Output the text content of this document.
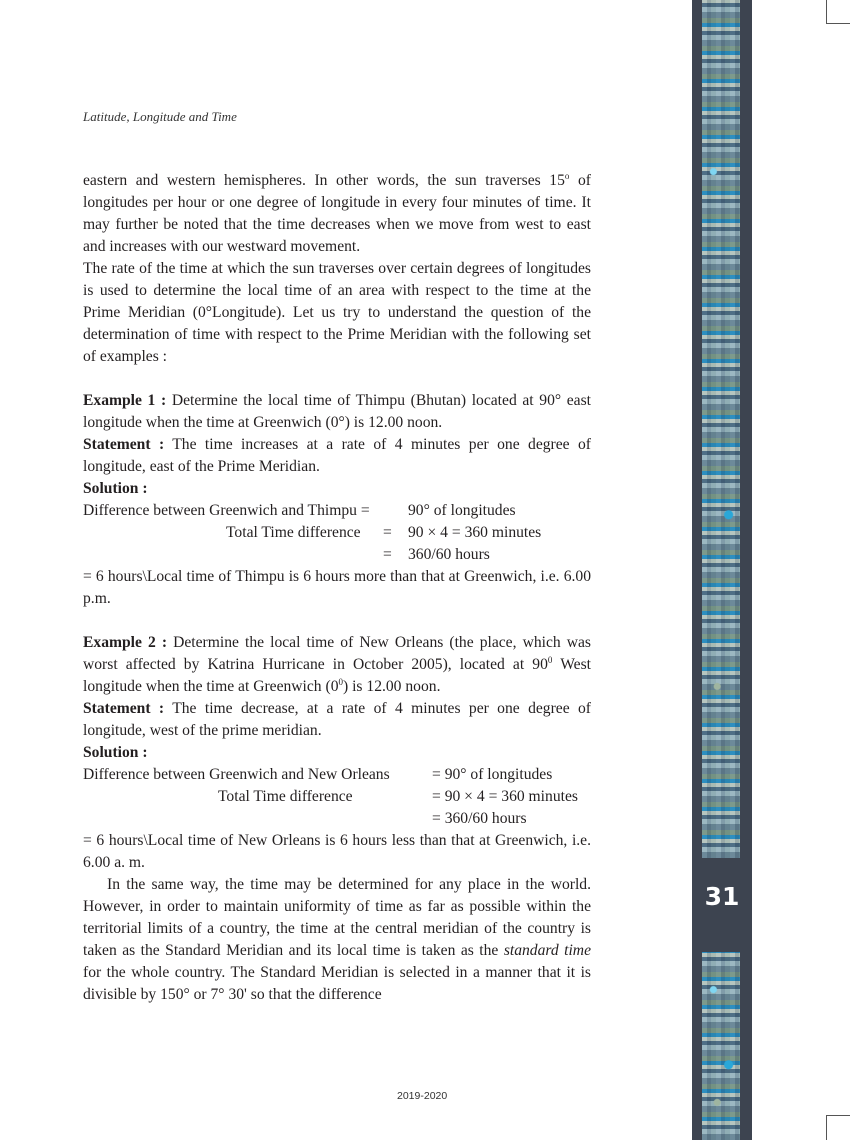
Latitude, Longitude and Time

eastern and western hemispheres. In other words, the sun traverses 15$^o$ of longitudes per hour or one degree of longitude in every four minutes of time. It may further be noted that the time decreases when we move from west to east and increases with our westward movement.

The rate of the time at which the sun traverses over certain degrees of longitudes is used to determine the local time of an area with respect to the time at the Prime Meridian (0°Longitude). Let us try to understand the question of the determination of time with respect to the Prime Meridian with the following set of examples :

Example 1 : Determine the local time of Thimpu (Bhutan) located at 90° east longitude when the time at Greenwich (0°) is 12.00 noon.

Statement : The time increases at a rate of 4 minutes per one degree of longitude, east of the Prime Meridian.

Solution :

Difference between Greenwich and Thimpu = 90° of longitudes
Total Time difference = 90 × 4 = 360 minutes
= 360/60 hours

= 6 hours\Local time of Thimpu is 6 hours more than that at Greenwich, i.e. 6.00 p.m.

Example 2 : Determine the local time of New Orleans (the place, which was worst affected by Katrina Hurricane in October 2005), located at $90^0$ West longitude when the time at Greenwich $(0^0)$ is 12.00 noon.

Statement : The time decrease, at a rate of 4 minutes per one degree of longitude, west of the prime meridian.

Solution :

Difference between Greenwich and New Orleans	= 90° of longitudes
Total Time difference	= 90 × 4 = 360 minutes
= 360/60 hours

= 6 hours\Local time of New Orleans is 6 hours less than that at Greenwich, i.e. 6.00 a. m.

In the same way, the time may be determined for any place in the world. However, in order to maintain uniformity of time as far as possible within the territorial limits of a country, the time at the central meridian of the country is taken as the Standard Meridian and its local time is taken as the standard time for the whole country. The Standard Meridian is selected in a manner that it is divisible by 150° or 7° 30' so that the difference

2019-2020
31
